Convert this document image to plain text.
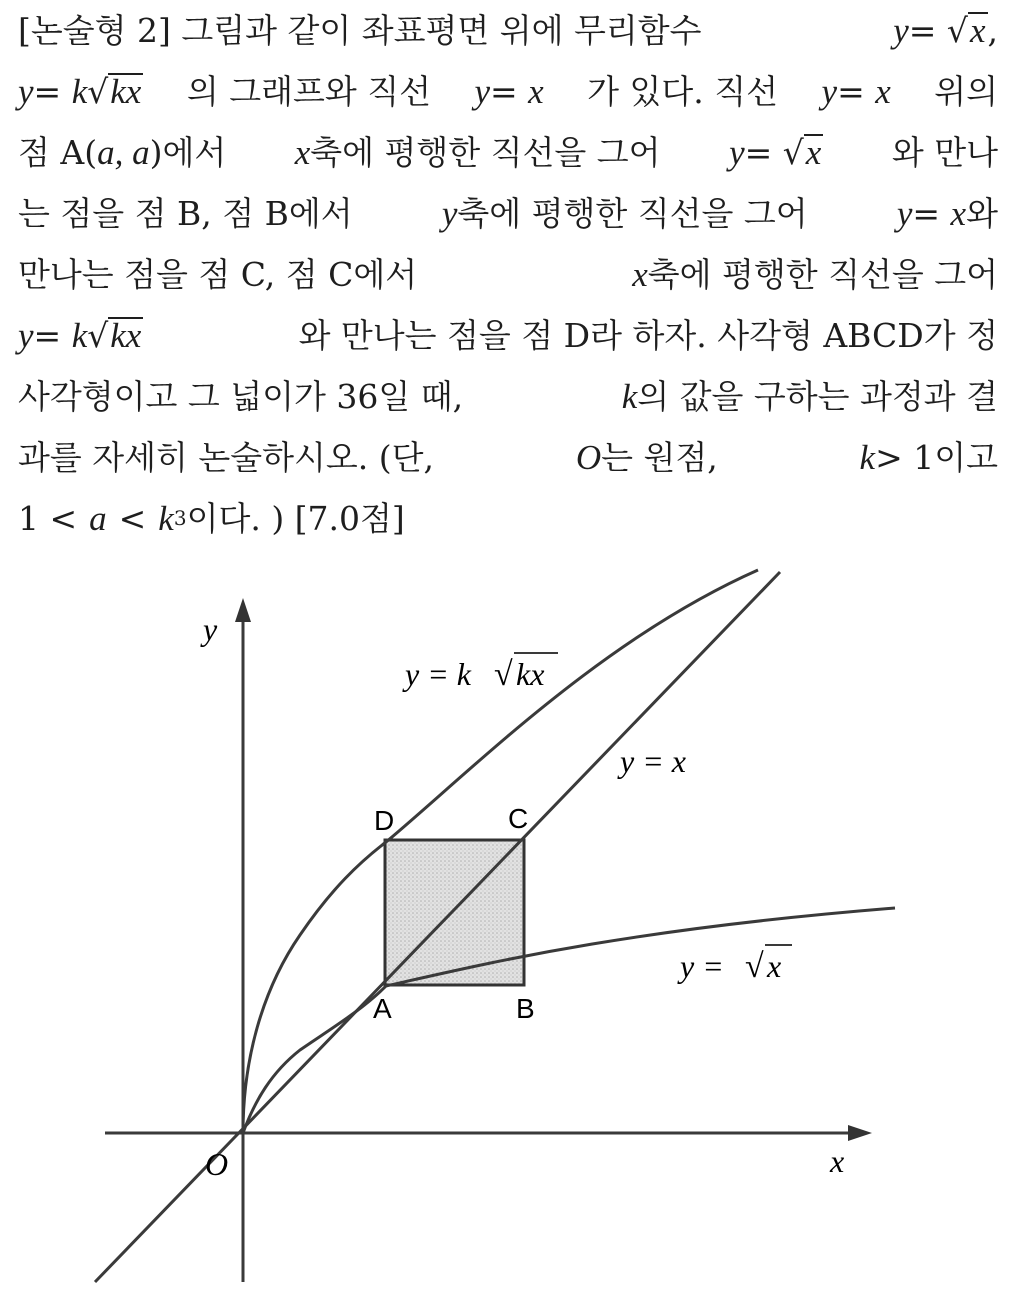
[논술형 2] 그림과 같이 좌표평면 위에 무리함수	y= √x,
y= k√kx 의 그래프와 직선 y= x 가 있다. 직선 y= x 위의
점 A(a, a)에서 x축에 평행한 직선을 그어 y= √x 와 만나
는 점을 점 B, 점 B에서	y축에 평행한 직선을 그어	y= x와
만나는 점을 점 C, 점 C에서	x축에 평행한 직선을 그어
y= k√kx	와 만나는 점을 점 D라 하자. 사각형 ABCD가 정
사각형이고 그 넓이가 36일 때,	k의 값을 구하는 과정과 결
과를 자세히 논술하시오. (단,	O는 원점,	k> 1이고
1 < a < k 3 이다. ) [7.0점]
y
x
O
y = k √ kx
y = x
y = √ x
D	C
A	B
